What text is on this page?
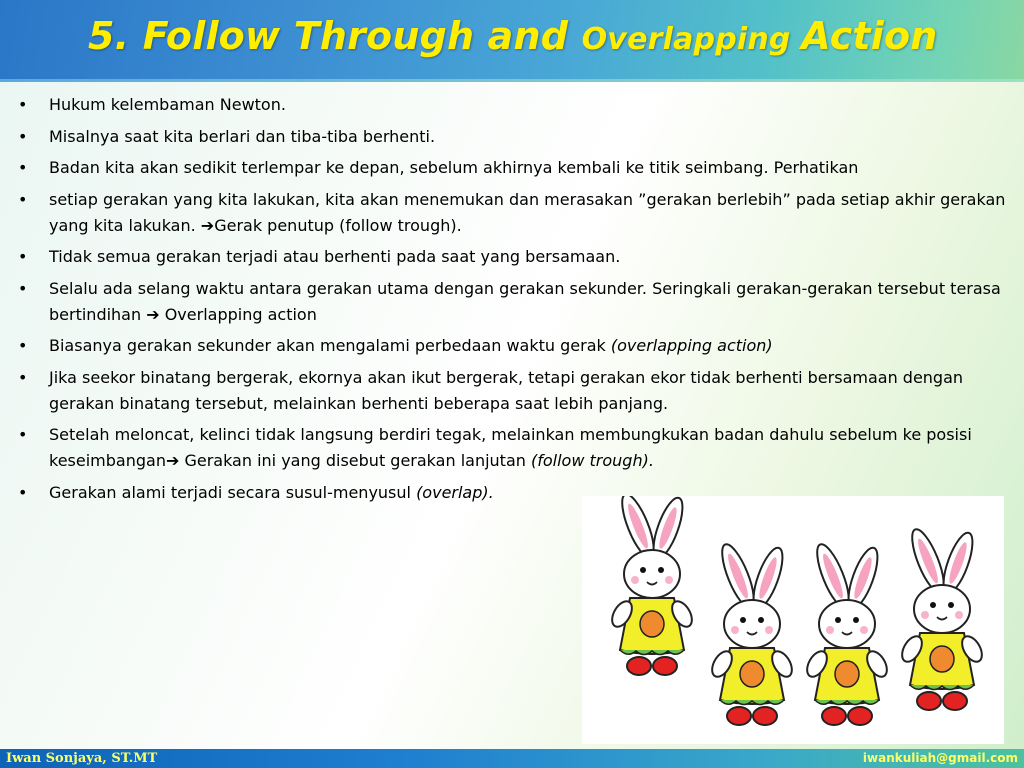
5. Follow Through and Overlapping Action
• Hukum kelembaman Newton.
• Misalnya saat kita berlari dan tiba-tiba berhenti.
• Badan kita akan sedikit terlempar ke depan, sebelum akhirnya kembali ke titik seimbang. Perhatikan
• setiap gerakan yang kita lakukan, kita akan menemukan dan merasakan ”gerakan berlebih” pada setiap akhir gerakan yang kita lakukan. ➔Gerak penutup (follow trough).
• Tidak semua gerakan terjadi atau berhenti pada saat yang bersamaan.
• Selalu ada selang waktu antara gerakan utama dengan gerakan sekunder. Seringkali gerakan-gerakan tersebut terasa bertindihan ➔ Overlapping action
• Biasanya gerakan sekunder akan mengalami perbedaan waktu gerak (overlapping action)
• Jika seekor binatang bergerak, ekornya akan ikut bergerak, tetapi gerakan ekor tidak berhenti bersamaan dengan gerakan binatang tersebut, melainkan berhenti beberapa saat lebih panjang.
• Setelah meloncat, kelinci tidak langsung berdiri tegak, melainkan membungkukan badan dahulu sebelum ke posisi keseimbangan➔ Gerakan ini yang disebut gerakan lanjutan (follow trough).
• Gerakan alami terjadi secara susul-menyusul (overlap).
Iwan Sonjaya, ST.MT	iwankuliah@gmail.com
